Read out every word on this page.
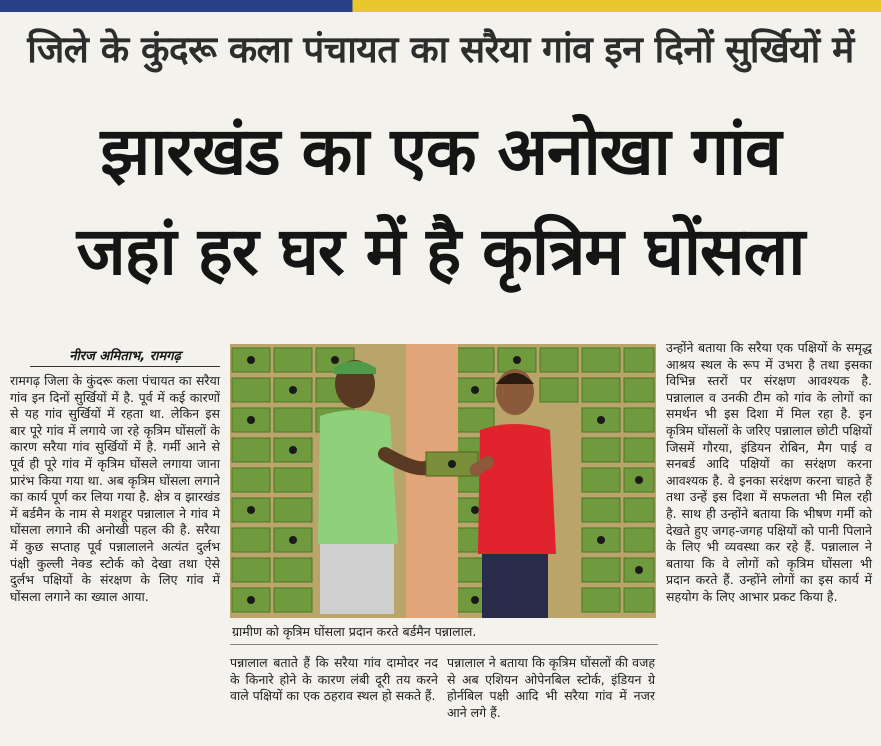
जिले के कुंदरू कला पंचायत का सरैया गांव इन दिनों सुर्खियों में
झारखंड का एक अनोखा गांव
जहां हर घर में है कृत्रिम घोंसला
नीरज अमिताभ, रामगढ़
रामगढ़ जिला के कुंदरू कला पंचायत का सरैया गांव इन दिनों सुर्खियों में है. पूर्व में कई कारणों से यह गांव सुर्खियों में रहता था. लेकिन इस बार पूरे गांव में लगाये जा रहे कृत्रिम घोंसलों के कारण सरैया गांव सुर्खियों में है. गर्मी आने से पूर्व ही पूरे गांव में कृत्रिम घोंसले लगाया जाना प्रारंभ किया गया था. अब कृत्रिम घोंसला लगाने का कार्य पूर्ण कर लिया गया है. क्षेत्र व झारखंड में बर्डमैन के नाम से मशहूर पन्नालाल ने गांव मे घोंसला लगाने की अनोखी पहल की है. सरैया में कुछ सप्ताह पूर्व पन्नालालने अत्यंत दुर्लभ पंक्षी कुल्ली नेक्ड स्टोर्क को देखा तथा ऐसे दुर्लभ पक्षियों के संरक्षण के लिए गांव में घोंसला लगाने का ख्याल आया.
ग्रामीण को कृत्रिम घोंसला प्रदान करते बर्डमैन पन्नालाल.
पन्नालाल बताते हैं कि सरैया गांव दामोदर नद के किनारे होने के कारण लंबी दूरी तय करने वाले पक्षियों का एक ठहराव स्थल हो सकते हैं.
पन्नालाल ने बताया कि कृत्रिम घोंसलों की वजह से अब एशियन ओपेनबिल स्टोर्क, इंडियन ग्रे होर्नबिल पक्षी आदि भी सरैया गांव में नजर आने लगे हैं.
उन्होंने बताया कि सरैया एक पक्षियों के समृद्ध आश्रय स्थल के रूप में उभरा है तथा इसका विभिन्न स्तरों पर संरक्षण आवश्यक है. पन्नालाल व उनकी टीम को गांव के लोगों का समर्थन भी इस दिशा में मिल रहा है. इन कृत्रिम घोंसलों के जरिए पन्नालाल छोटी पक्षियों जिसमें गौरया, इंडियन रोबिन, मैग पाई व सनबर्ड आदि पक्षियों का सरंक्षण करना आवश्यक है. वे इनका सरंक्षण करना चाहते हैं तथा उन्हें इस दिशा में सफलता भी मिल रही है. साथ ही उन्होंने बताया कि भीषण गर्मी को देखते हुए जगह-जगह पक्षियों को पानी पिलाने के लिए भी व्यवस्था कर रहे हैं. पन्नालाल ने बताया कि वे लोगों को कृत्रिम घोंसला भी प्रदान करते हैं. उन्होंने लोगों का इस कार्य में सहयोग के लिए आभार प्रकट किया है.
